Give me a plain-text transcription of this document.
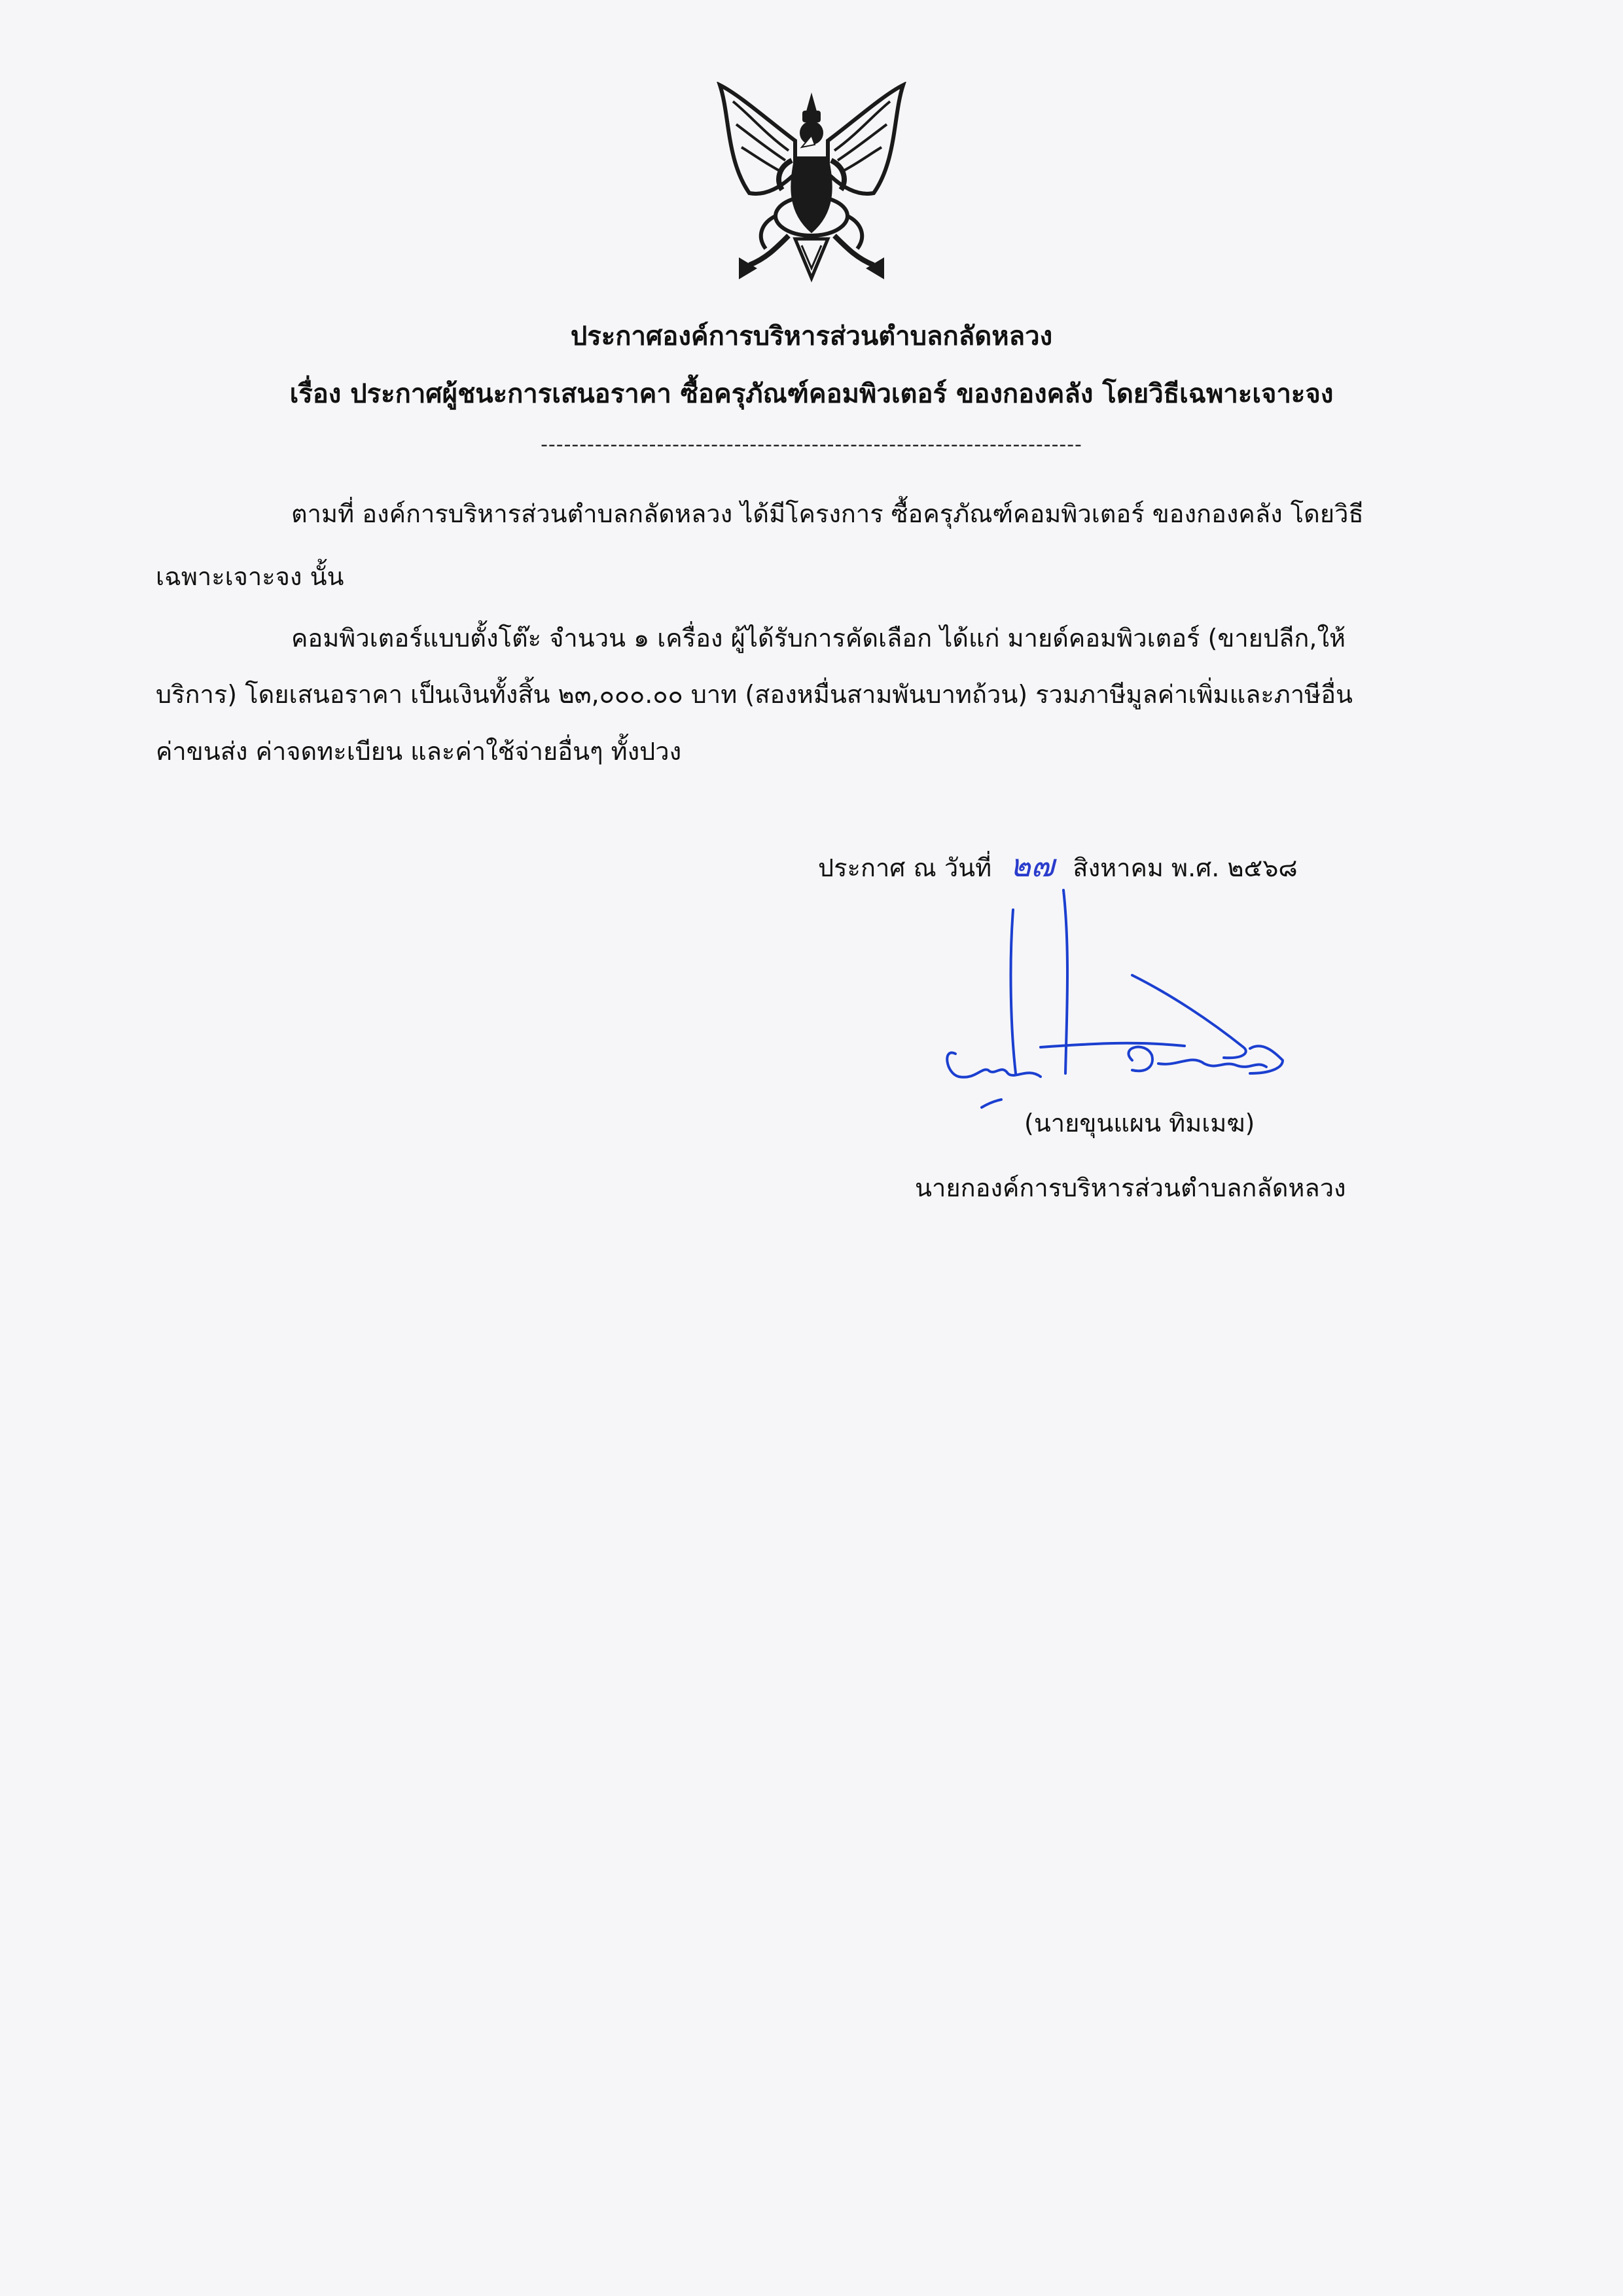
ประกาศองค์การบริหารส่วนตำบลกลัดหลวง
เรื่อง ประกาศผู้ชนะการเสนอราคา ซื้อครุภัณฑ์คอมพิวเตอร์ ของกองคลัง โดยวิธีเฉพาะเจาะจง
----------------------------------------------------------------------
ตามที่ องค์การบริหารส่วนตำบลกลัดหลวง ได้มีโครงการ ซื้อครุภัณฑ์คอมพิวเตอร์ ของกองคลัง โดยวิธี
เฉพาะเจาะจง นั้น
คอมพิวเตอร์แบบตั้งโต๊ะ จำนวน ๑ เครื่อง ผู้ได้รับการคัดเลือก ได้แก่ มายด์คอมพิวเตอร์ (ขายปลีก,ให้
บริการ) โดยเสนอราคา เป็นเงินทั้งสิ้น ๒๓,๐๐๐.๐๐ บาท (สองหมื่นสามพันบาทถ้วน) รวมภาษีมูลค่าเพิ่มและภาษีอื่น
ค่าขนส่ง ค่าจดทะเบียน และค่าใช้จ่ายอื่นๆ ทั้งปวง
ประกาศ ณ วันที่ ๒๗ สิงหาคม พ.ศ. ๒๕๖๘
(นายขุนแผน ทิมเมฆ)
นายกองค์การบริหารส่วนตำบลกลัดหลวง
